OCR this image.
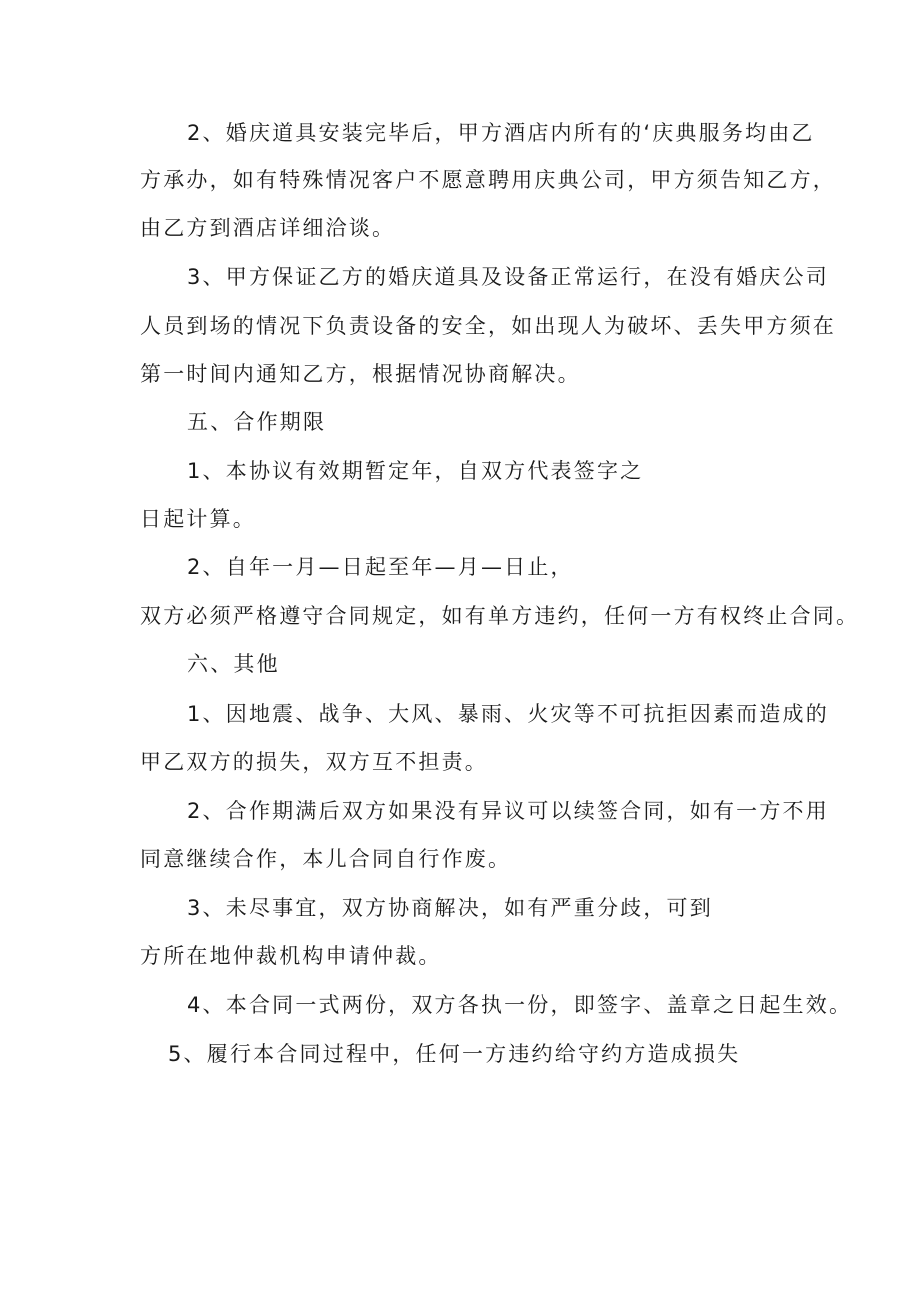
2、婚庆道具安装完毕后，甲方酒店内所有的‘庆典服务均由乙
方承办，如有特殊情况客户不愿意聘用庆典公司，甲方须告知乙方，
由乙方到酒店详细洽谈。
3、甲方保证乙方的婚庆道具及设备正常运行，在没有婚庆公司
人员到场的情况下负责设备的安全，如出现人为破坏、丢失甲方须在
第一时间内通知乙方，根据情况协商解决。
五、合作期限
1、本协议有效期暂定年，自双方代表签字之
日起计算。
2、自年一月—日起至年—月—日止，
双方必须严格遵守合同规定，如有单方违约，任何一方有权终止合同。
六、其他
1、因地震、战争、大风、暴雨、火灾等不可抗拒因素而造成的
甲乙双方的损失，双方互不担责。
2、合作期满后双方如果没有异议可以续签合同，如有一方不用
同意继续合作，本儿合同自行作废。
3、未尽事宜，双方协商解决，如有严重分歧，可到
方所在地仲裁机构申请仲裁。
4、本合同一式两份，双方各执一份，即签字、盖章之日起生效。
5、履行本合同过程中，任何一方违约给守约方造成损失
